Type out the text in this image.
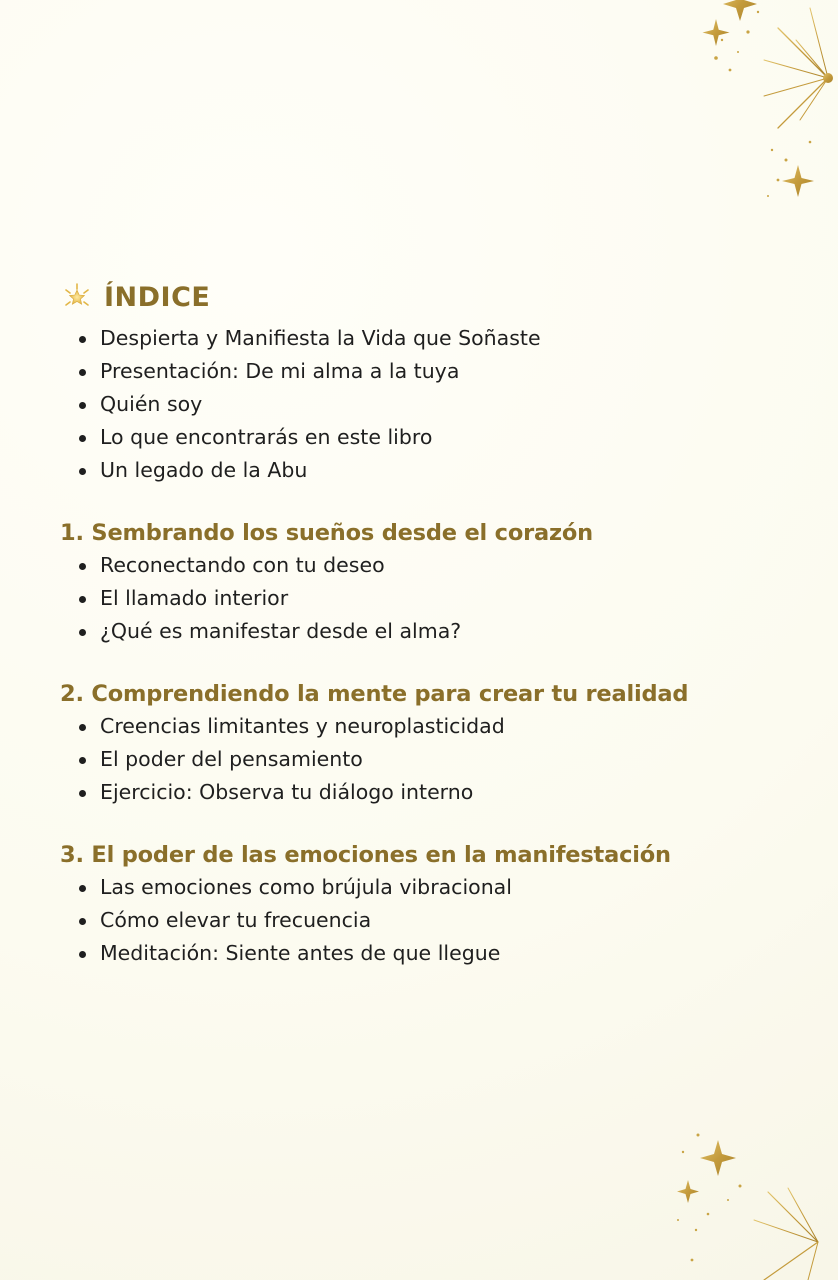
ÍNDICE
Despierta y Manifiesta la Vida que Soñaste
Presentación: De mi alma a la tuya
Quién soy
Lo que encontrarás en este libro
Un legado de la Abu
1. Sembrando los sueños desde el corazón
Reconectando con tu deseo
El llamado interior
¿Qué es manifestar desde el alma?
2. Comprendiendo la mente para crear tu realidad
Creencias limitantes y neuroplasticidad
El poder del pensamiento
Ejercicio: Observa tu diálogo interno
3. El poder de las emociones en la manifestación
Las emociones como brújula vibracional
Cómo elevar tu frecuencia
Meditación: Siente antes de que llegue
